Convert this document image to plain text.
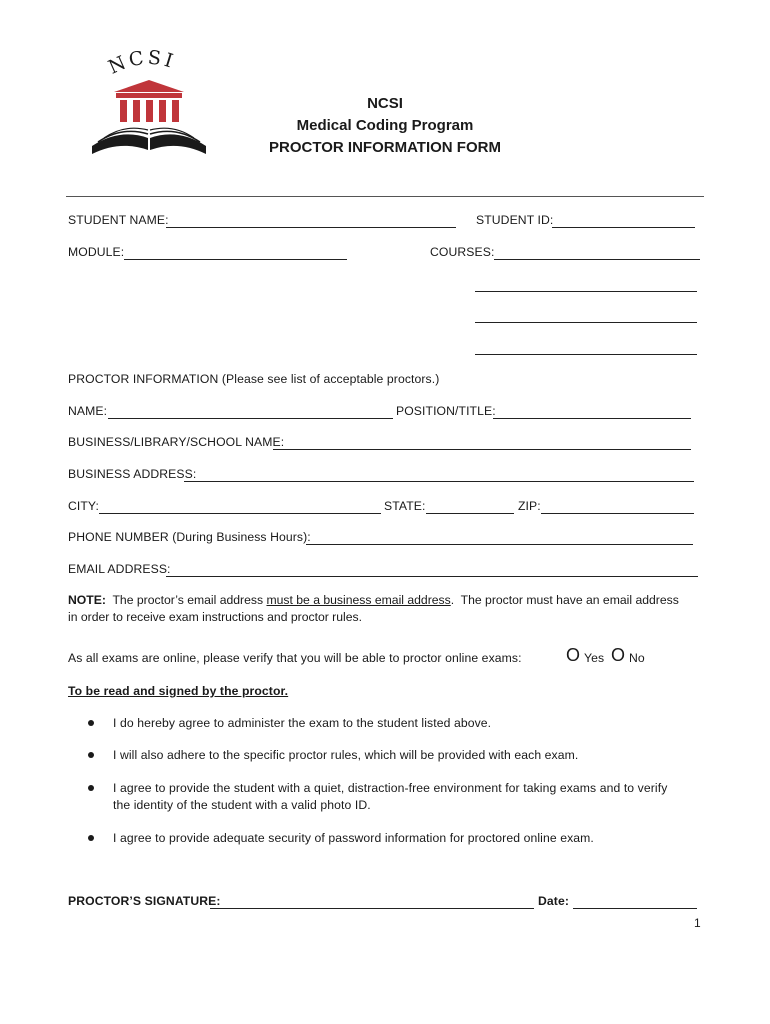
NCSI
NCSI
Medical Coding Program
PROCTOR INFORMATION FORM
STUDENT NAME:	STUDENT ID:
MODULE:	COURSES:
PROCTOR INFORMATION (Please see list of acceptable proctors.)
NAME:	POSITION/TITLE:
BUSINESS/LIBRARY/SCHOOL NAME:
BUSINESS ADDRESS:
CITY:	STATE:	ZIP:
PHONE NUMBER (During Business Hours):
EMAIL ADDRESS:
NOTE:  The proctor’s email address must be a business email address.  The proctor must have an email address
in order to receive exam instructions and proctor rules.
As all exams are online, please verify that you will be able to proctor online exams: O Yes O No
To be read and signed by the proctor.
I do hereby agree to administer the exam to the student listed above.
I will also adhere to the specific proctor rules, which will be provided with each exam.
I agree to provide the student with a quiet, distraction-free environment for taking exams and to verify
the identity of the student with a valid photo ID.
I agree to provide adequate security of password information for proctored online exam.
PROCTOR’S SIGNATURE:	Date:
1
